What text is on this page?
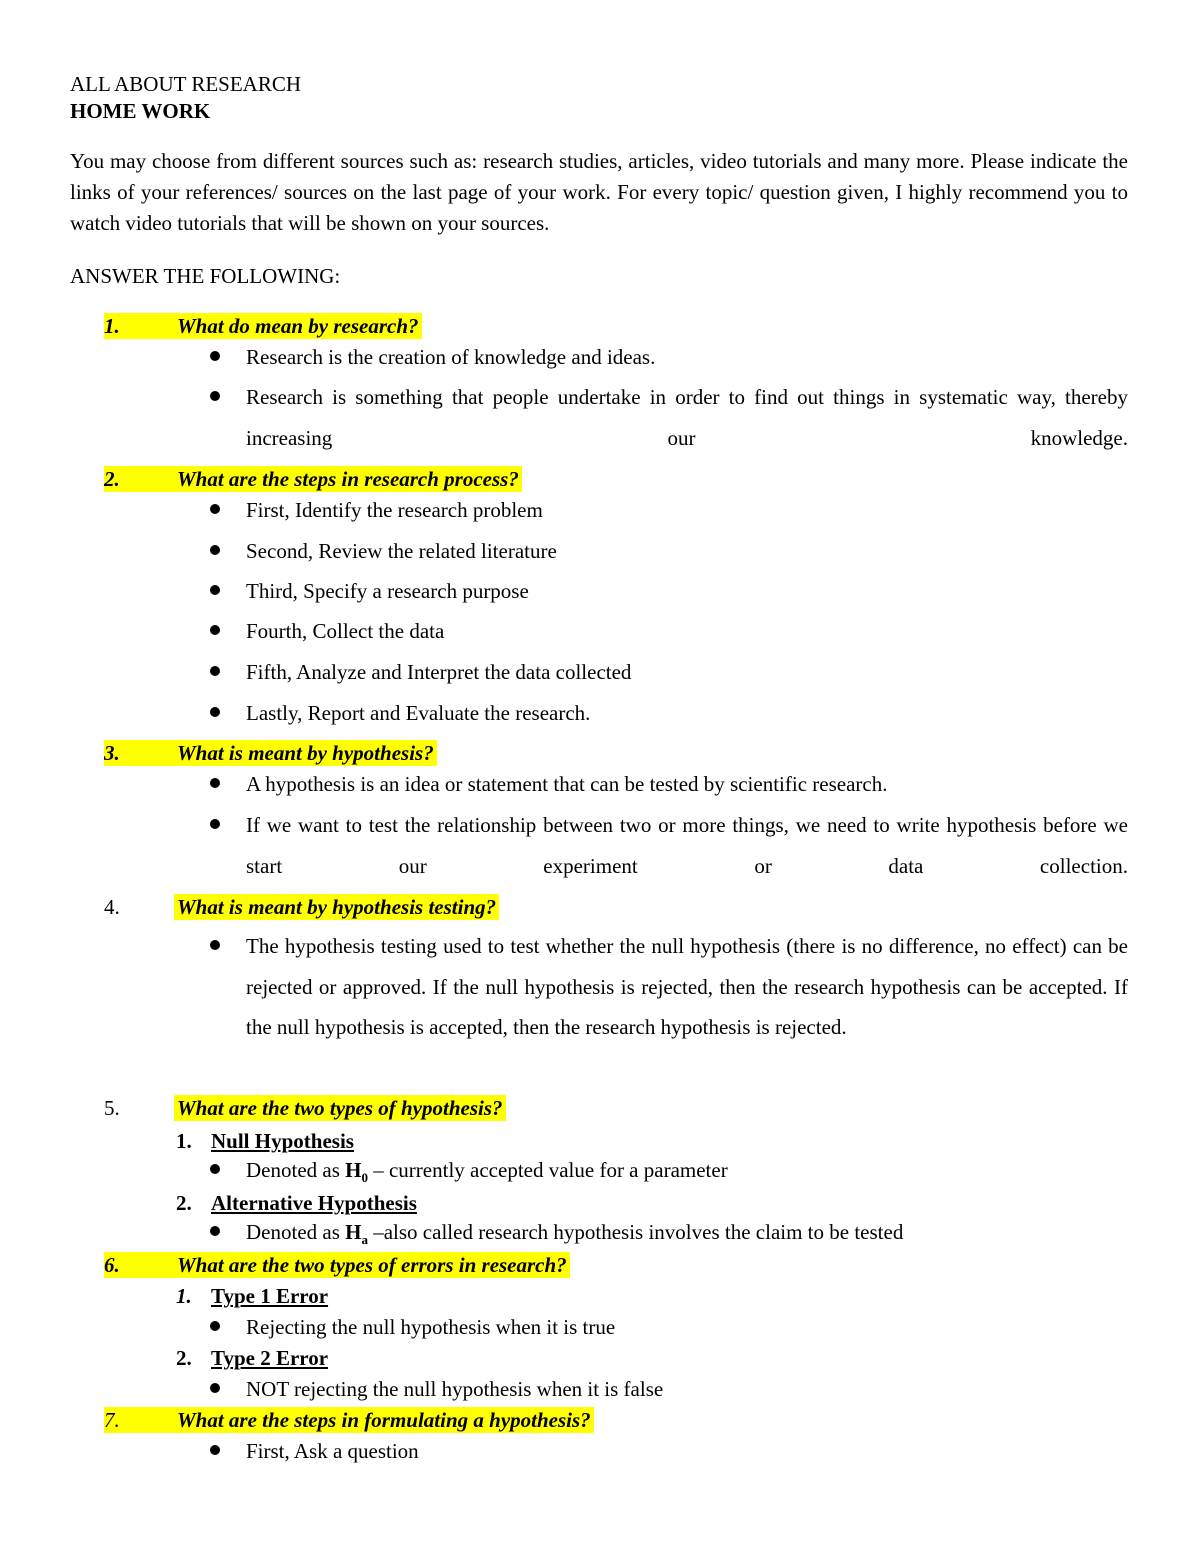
ALL ABOUT RESEARCH
HOME WORK
You may choose from different sources such as: research studies, articles, video tutorials and many more. Please indicate the links of your references/ sources on the last page of your work. For every topic/ question given, I highly recommend you to watch video tutorials that will be shown on your sources.
ANSWER THE FOLLOWING:
1.	What do mean by research?
Research is the creation of knowledge and ideas.
Research is something that people undertake in order to find out things in systematic way, thereby increasing our knowledge.
2.	What are the steps in research process?
First, Identify the research problem
Second, Review the related literature
Third, Specify a research purpose
Fourth, Collect the data
Fifth, Analyze and Interpret the data collected
Lastly, Report and Evaluate the research.
3.	What is meant by hypothesis?
A hypothesis is an idea or statement that can be tested by scientific research.
If we want to test the relationship between two or more things, we need to write hypothesis before we start our experiment or data collection.
4.	What is meant by hypothesis testing?
The hypothesis testing used to test whether the null hypothesis (there is no difference, no effect) can be rejected or approved. If the null hypothesis is rejected, then the research hypothesis can be accepted. If the null hypothesis is accepted, then the research hypothesis is rejected.
5.	What are the two types of hypothesis?
1. Null Hypothesis
Denoted as $H_0$ – currently accepted value for a parameter
2. Alternative Hypothesis
Denoted as $H_a$ –also called research hypothesis involves the claim to be tested
6.	What are the two types of errors in research?
1. Type 1 Error
Rejecting the null hypothesis when it is true
2. Type 2 Error
NOT rejecting the null hypothesis when it is false
7.	What are the steps in formulating a hypothesis?
First, Ask a question
